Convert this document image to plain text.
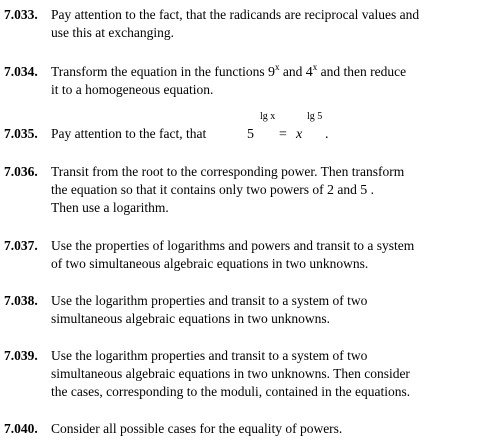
7.033. Pay attention to the fact, that the radicands are reciprocal values and
use this at exchanging.
7.034. Transform the equation in the functions 9$^x$ and 4$^x$ and then reduce
it to a homogeneous equation.
7.035. Pay attention to the fact, that
lg x	lg 5
5 = x .
7.036. Transit from the root to the corresponding power. Then transform
the equation so that it contains only two powers of 2 and 5 .
Then use a logarithm.
7.037. Use the properties of logarithms and powers and transit to a system
of two simultaneous algebraic equations in two unknowns.
7.038. Use the logarithm properties and transit to a system of two
simultaneous algebraic equations in two unknowns.
7.039. Use the logarithm properties and transit to a system of two
simultaneous algebraic equations in two unknowns. Then consider
the cases, corresponding to the moduli, contained in the equations.
7.040. Consider all possible cases for the equality of powers.
